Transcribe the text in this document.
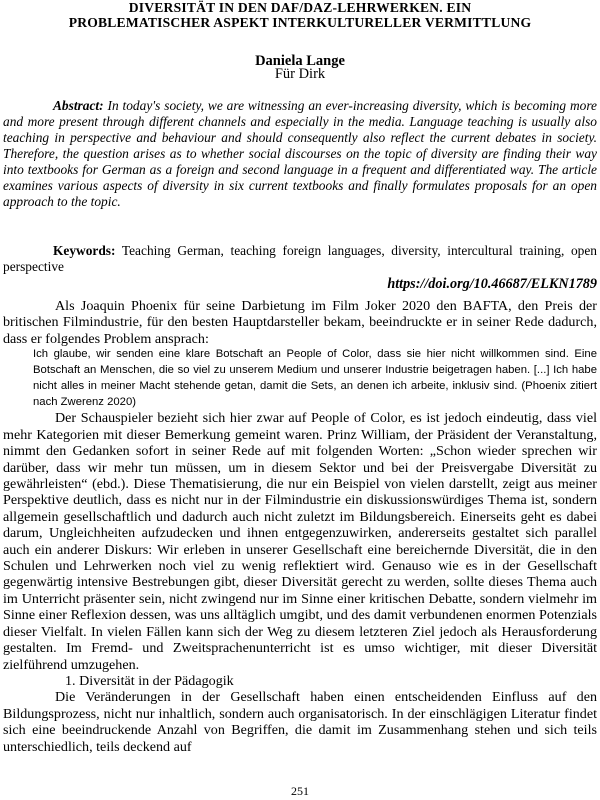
DIVERSITÄT IN DEN DAF/DAZ-LEHRWERKEN. EIN
PROBLEMATISCHER ASPEKT INTERKULTURELLER VERMITTLUNG
Daniela Lange
Für Dirk

Abstract: In today's society, we are witnessing an ever-increasing diversity, which is becoming more and more present through different channels and especially in the media. Language teaching is usually also teaching in perspective and behaviour and should consequently also reflect the current debates in society. Therefore, the question arises as to whether social discourses on the topic of diversity are finding their way into textbooks for German as a foreign and second language in a frequent and differentiated way. The article examines various aspects of diversity in six current textbooks and finally formulates proposals for an open approach to the topic.

Keywords: Teaching German, teaching foreign languages, diversity, intercultural training, open perspective

https://doi.org/10.46687/ELKN1789

Als Joaquin Phoenix für seine Darbietung im Film Joker 2020 den BAFTA, den Preis der britischen Filmindustrie, für den besten Hauptdarsteller bekam, beeindruckte er in seiner Rede dadurch, dass er folgendes Problem ansprach:

Ich glaube, wir senden eine klare Botschaft an People of Color, dass sie hier nicht willkommen sind. Eine Botschaft an Menschen, die so viel zu unserem Medium und unserer Industrie beigetragen haben. [...] Ich habe nicht alles in meiner Macht stehende getan, damit die Sets, an denen ich arbeite, inklusiv sind. (Phoenix zitiert nach Zwerenz 2020)

Der Schauspieler bezieht sich hier zwar auf People of Color, es ist jedoch eindeutig, dass viel mehr Kategorien mit dieser Bemerkung gemeint waren. Prinz William, der Präsident der Veranstaltung, nimmt den Gedanken sofort in seiner Rede auf mit folgenden Worten: „Schon wieder sprechen wir darüber, dass wir mehr tun müssen, um in diesem Sektor und bei der Preisvergabe Diversität zu gewährleisten“ (ebd.). Diese Thematisierung, die nur ein Beispiel von vielen darstellt, zeigt aus meiner Perspektive deutlich, dass es nicht nur in der Filmindustrie ein diskussionswürdiges Thema ist, sondern allgemein gesellschaftlich und dadurch auch nicht zuletzt im Bildungsbereich. Einerseits geht es dabei darum, Ungleichheiten aufzudecken und ihnen entgegenzuwirken, andererseits gestaltet sich parallel auch ein anderer Diskurs: Wir erleben in unserer Gesellschaft eine bereichernde Diversität, die in den Schulen und Lehrwerken noch viel zu wenig reflektiert wird. Genauso wie es in der Gesellschaft gegenwärtig intensive Bestrebungen gibt, dieser Diversität gerecht zu werden, sollte dieses Thema auch im Unterricht präsenter sein, nicht zwingend nur im Sinne einer kritischen Debatte, sondern vielmehr im Sinne einer Reflexion dessen, was uns alltäglich umgibt, und des damit verbundenen enormen Potenzials dieser Vielfalt. In vielen Fällen kann sich der Weg zu diesem letzteren Ziel jedoch als Herausforderung gestalten. Im Fremd- und Zweitsprachenunterricht ist es umso wichtiger, mit dieser Diversität zielführend umzugehen.

1. Diversität in der Pädagogik

Die Veränderungen in der Gesellschaft haben einen entscheidenden Einfluss auf den Bildungsprozess, nicht nur inhaltlich, sondern auch organisatorisch. In der einschlägigen Literatur findet sich eine beeindruckende Anzahl von Begriffen, die damit im Zusammenhang stehen und sich teils unterschiedlich, teils deckend auf

251
